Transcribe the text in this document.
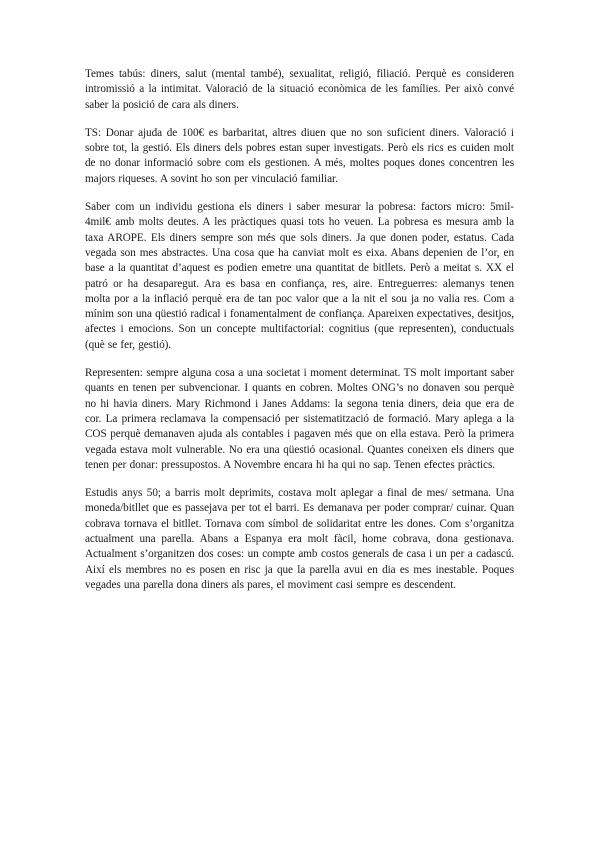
Temes tabús: diners, salut (mental també), sexualitat, religió, filiació. Perquè es consideren intromissió a la intimitat. Valoració de la situació econòmica de les famílies. Per això convé saber la posició de cara als diners.

TS: Donar ajuda de 100€ es barbaritat, altres diuen que no son suficient diners. Valoració i sobre tot, la gestió. Els diners dels pobres estan super investigats. Però els rics es cuiden molt de no donar informació sobre com els gestionen. A més, moltes poques dones concentren les majors riqueses. A sovint ho son per vinculació familiar.

Saber com un individu gestiona els diners i saber mesurar la pobresa: factors micro: 5mil-4mil€ amb molts deutes. A les pràctiques quasi tots ho veuen. La pobresa es mesura amb la taxa AROPE. Els diners sempre son més que sols diners. Ja que donen poder, estatus. Cada vegada son mes abstractes. Una cosa que ha canviat molt es eixa. Abans depenien de l’or, en base a la quantitat d’aquest es podien emetre una quantitat de bitllets. Però a meitat s. XX el patró or ha desaparegut. Ara es basa en confiança, res, aire. Entreguerres: alemanys tenen molta por a la inflació perquè era de tan poc valor que a la nit el sou ja no valia res. Com a mínim son una qüestió radical i fonamentalment de confiança. Apareixen expectatives, desitjos, afectes i emocions. Son un concepte multifactorial: cognitius (que representen), conductuals (què se fer, gestió).

Representen: sempre alguna cosa a una societat i moment determinat. TS molt important saber quants en tenen per subvencionar. I quants en cobren. Moltes ONG’s no donaven sou perquè no hi havia diners. Mary Richmond i Janes Addams: la segona tenia diners, deia que era de cor. La primera reclamava la compensació per sistematització de formació. Mary aplega a la COS perquè demanaven ajuda als contables i pagaven més que on ella estava. Però la primera vegada estava molt vulnerable. No era una qüestió ocasional. Quantes coneixen els diners que tenen per donar: pressupostos. A Novembre encara hi ha qui no sap. Tenen efectes pràctics.

Estudis anys 50; a barris molt deprimits, costava molt aplegar a final de mes/ setmana. Una moneda/bitllet que es passejava per tot el barri. Es demanava per poder comprar/ cuinar. Quan cobrava tornava el bitllet. Tornava com símbol de solidaritat entre les dones. Com s’organitza actualment una parella. Abans a Espanya era molt fàcil, home cobrava, dona gestionava. Actualment s’organitzen dos coses: un compte amb costos generals de casa i un per a cadascú. Així els membres no es posen en risc ja que la parella avui en dia es mes inestable. Poques vegades una parella dona diners als pares, el moviment casi sempre es descendent.
